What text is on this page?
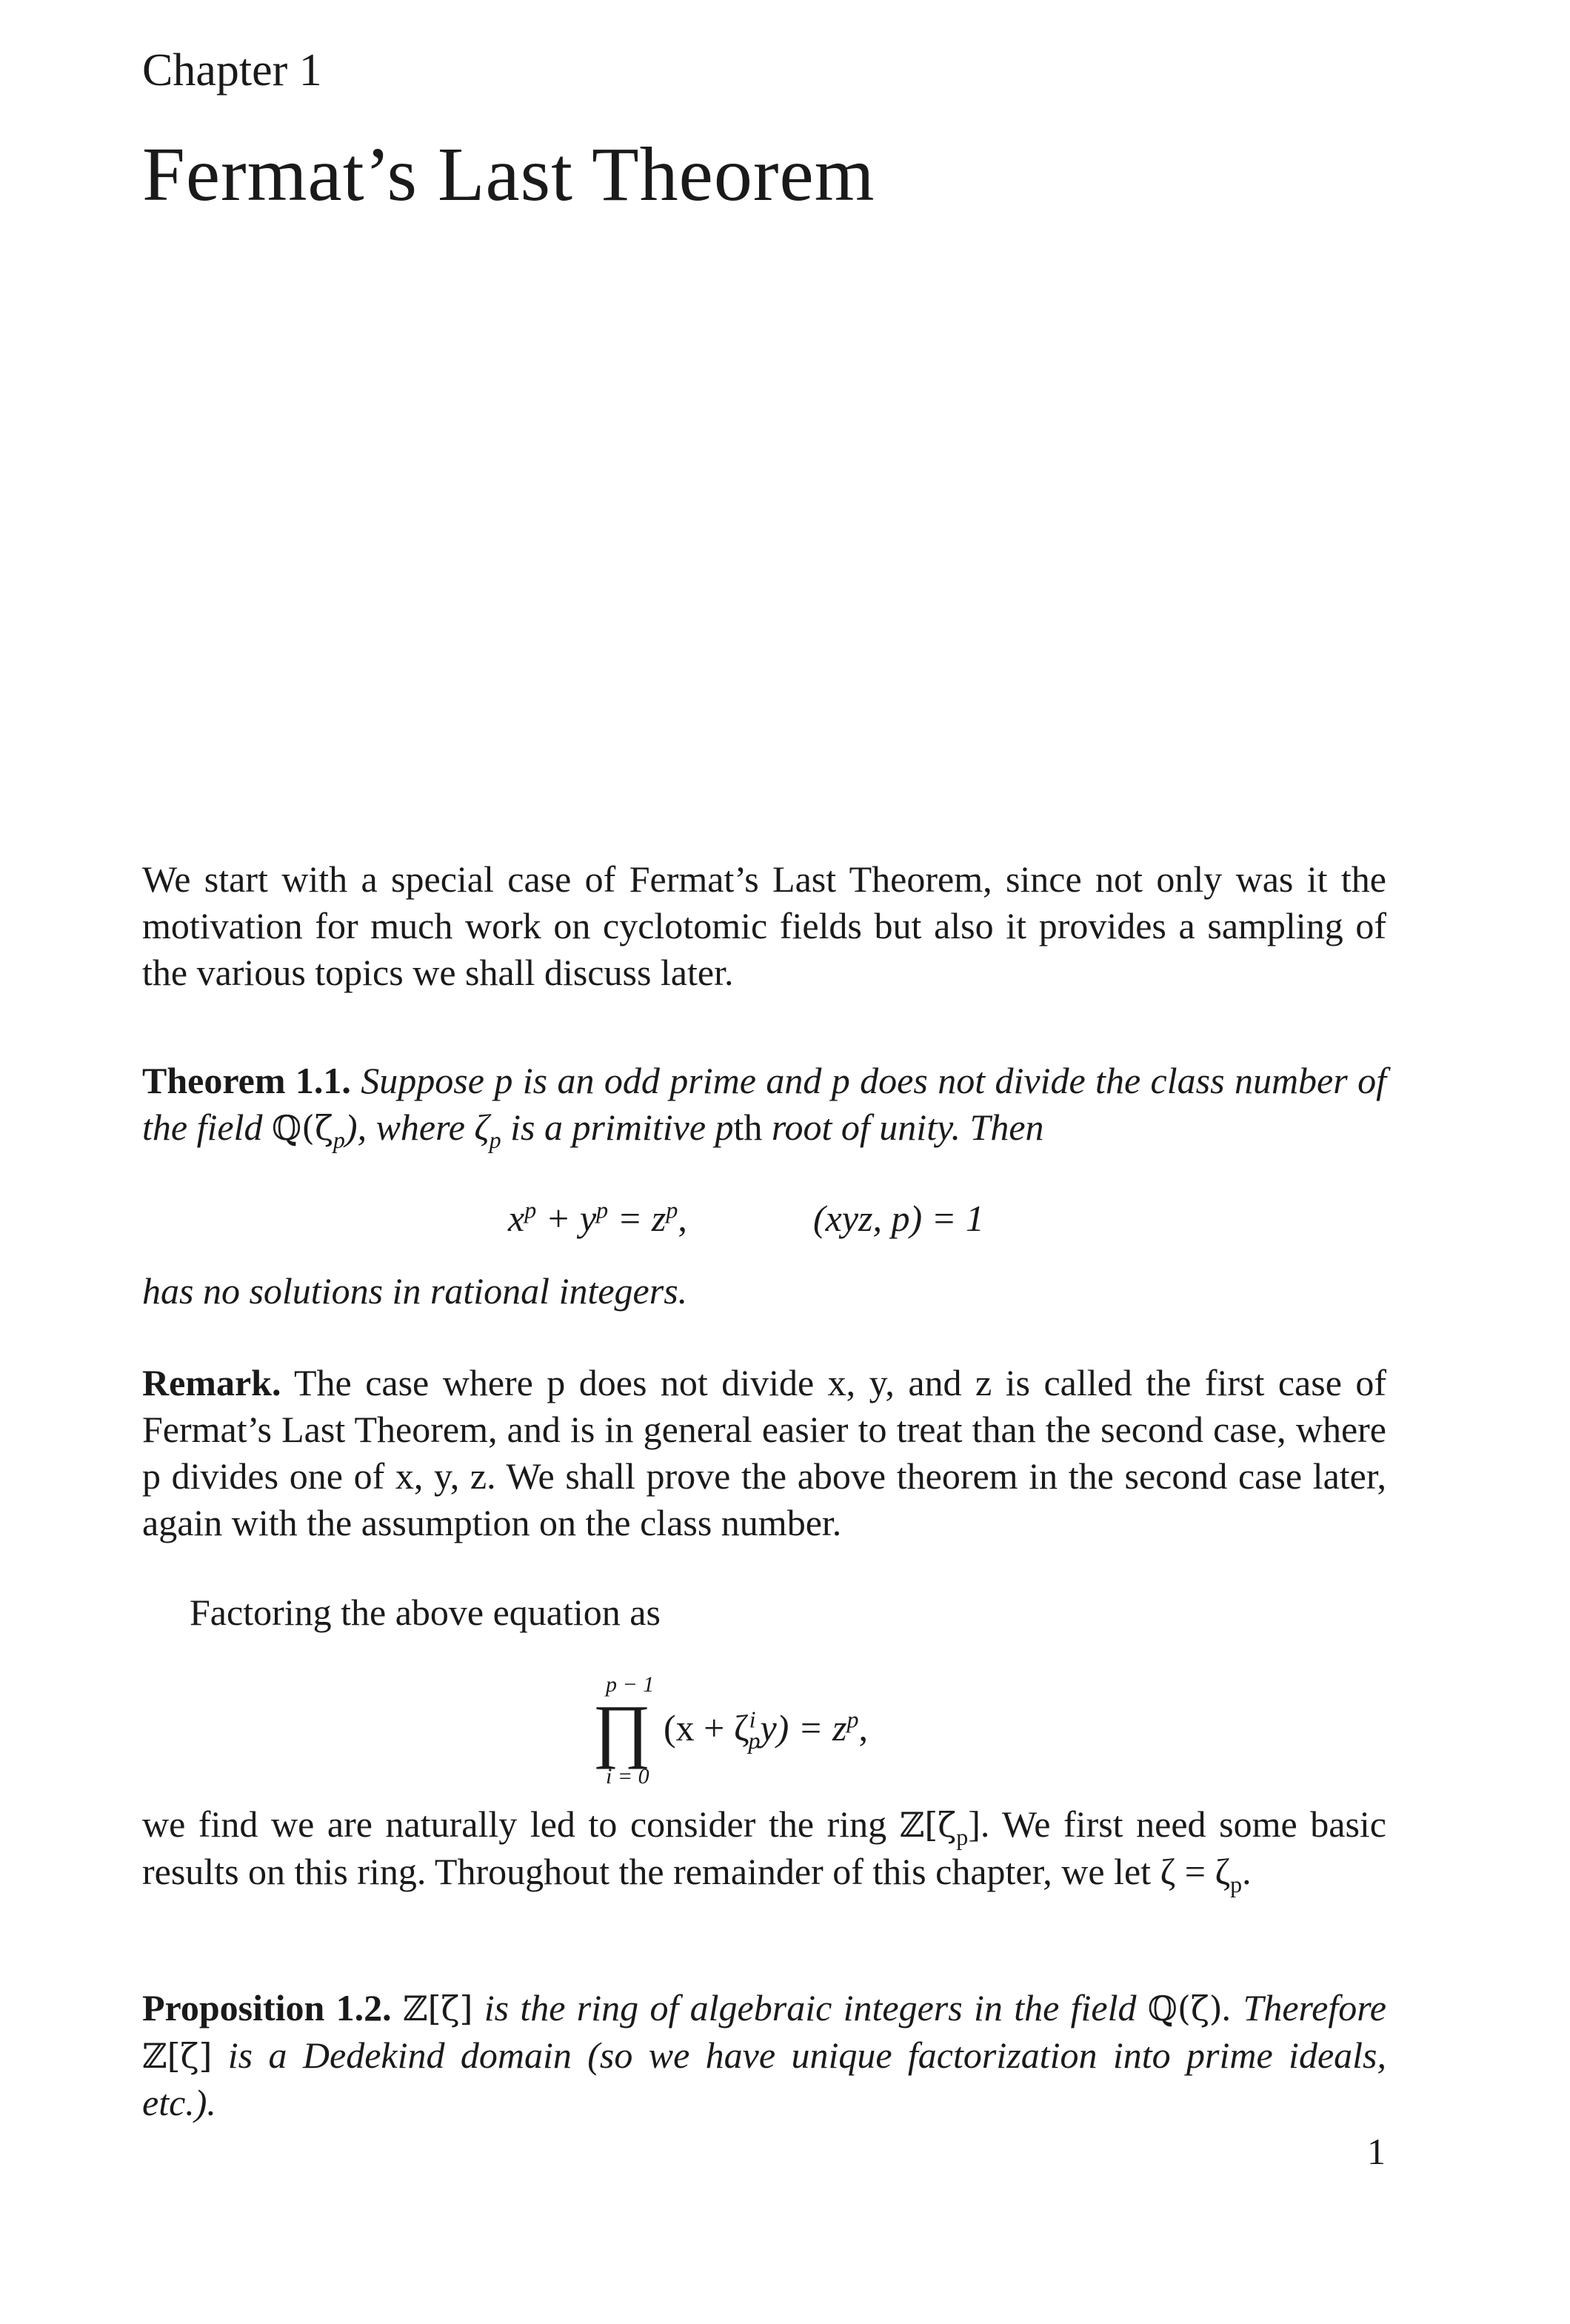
Chapter 1
Fermat’s Last Theorem

We start with a special case of Fermat’s Last Theorem, since not only was it the motivation for much work on cyclotomic fields but also it provides a sampling of the various topics we shall discuss later.

Theorem 1.1. Suppose p is an odd prime and p does not divide the class number of the field $ℚ(\zeta_p)$, where $\zeta_p$ is a primitive pth root of unity. Then

$x^p + y^p = z^p$,	(xyz, p) = 1
has no solutions in rational integers.

Remark. The case where p does not divide x, y, and z is called the first case of Fermat’s Last Theorem, and is in general easier to treat than the second case, where p divides one of x, y, z. We shall prove the above theorem in the second case later, again with the assumption on the class number.

Factoring the above equation as
p − 1
∏
i = 0
$(x + \zeta^i_py) = z^p$,

we find we are naturally led to consider the ring $ℤ[\zeta_p]$. We first need some basic results on this ring. Throughout the remainder of this chapter, we let $\zeta = \zeta_p$.

Proposition 1.2. ℤ[ζ] is the ring of algebraic integers in the field ℚ(ζ). Therefore ℤ[ζ] is a Dedekind domain (so we have unique factorization into prime ideals, etc.).

1
